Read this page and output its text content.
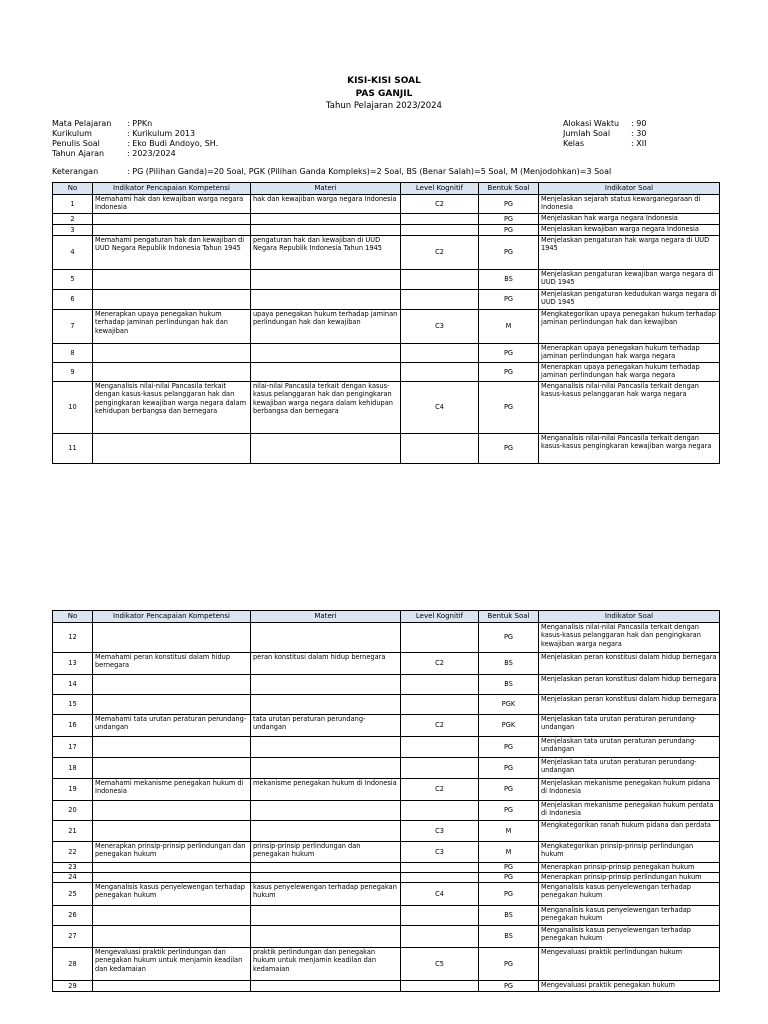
KISI-KISI SOAL
PAS GANJIL
Tahun Pelajaran 2023/2024
Mata Pelajaran	: PPKn
Kurikulum	: Kurikulum 2013
Penulis Soal	: Eko Budi Andoyo, SH.
Tahun Ajaran	: 2023/2024
Alokasi Waktu	: 90
Jumlah Soal	: 30
Kelas	: XII
Keterangan	: PG (Pilihan Ganda)=20 Soal, PGK (Pilihan Ganda Kompleks)=2 Soal, BS (Benar Salah)=5 Soal, M (Menjodohkan)=3 Soal
No	Indikator Pencapaian Kompetensi	Materi	Level Kognitif	Bentuk Soal	Indikator Soal
1	Memahami hak dan kewajiban warga negara Indonesia	hak dan kewajiban warga negara Indonesia	C2	PG	Menjelaskan sejarah status kewarganegaraan di Indonesia
2				PG	Menjelaskan hak warga negara Indonesia
3				PG	Menjelaskan kewajiban warga negara Indonesia
4	Memahami pengaturan hak dan kewajiban di UUD Negara Republik Indonesia Tahun 1945	pengaturan hak dan kewajiban di UUD Negara Republik Indonesia Tahun 1945	C2	PG	Menjelaskan pengaturan hak warga negara di UUD 1945
5				BS	Menjelaskan pengaturan kewajiban warga negara di UUD 1945
6				PG	Menjelaskan pengaturan kedudukan warga negara di UUD 1945
7	Menerapkan upaya penegakan hukum terhadap jaminan perlindungan hak dan kewajiban	upaya penegakan hukum terhadap jaminan perlindungan hak dan kewajiban	C3	M	Mengkategorikan upaya penegakan hukum terhadap jaminan perlindungan hak dan kewajiban
8				PG	Menerapkan upaya penegakan hukum terhadap jaminan perlindungan hak warga negara
9				PG	Menerapkan upaya penegakan hukum terhadap jaminan perlindungan hak warga negara
10	Menganalisis nilai-nilai Pancasila terkait dengan kasus-kasus pelanggaran hak dan pengingkaran kewajiban warga negara dalam kehidupan berbangsa dan bernegara	nilai-nilai Pancasila terkait dengan kasus-kasus pelanggaran hak dan pengingkaran kewajiban warga negara dalam kehidupan berbangsa dan bernegara	C4	PG	Menganalisis nilai-nilai Pancasila terkait dengan kasus-kasus pelanggaran hak warga negara
11				PG	Menganalisis nilai-nilai Pancasila terkait dengan kasus-kasus pengingkaran kewajiban warga negara
No	Indikator Pencapaian Kompetensi	Materi	Level Kognitif	Bentuk Soal	Indikator Soal
12				PG	Menganalisis nilai-nilai Pancasila terkait dengan kasus-kasus pelanggaran hak dan pengingkaran kewajiban warga negara
13	Memahami peran konstitusi dalam hidup bernegara	peran konstitusi dalam hidup bernegara	C2	BS	Menjelaskan peran konstitusi dalam hidup bernegara
14				BS	Menjelaskan peran konstitusi dalam hidup bernegara
15				PGK	Menjelaskan peran konstitusi dalam hidup bernegara
16	Memahami tata urutan peraturan perundang-undangan	tata urutan peraturan perundang-undangan	C2	PGK	Menjelaskan tata urutan peraturan perundang-undangan
17				PG	Menjelaskan tata urutan peraturan perundang-undangan
18				PG	Menjelaskan tata urutan peraturan perundang-undangan
19	Memahami mekanisme penegakan hukum di Indonesia	mekanisme penegakan hukum di Indonesia	C2	PG	Menjelaskan mekanisme penegakan hukum pidana di Indonesia
20				PG	Menjelaskan mekanisme penegakan hukum perdata di Indonesia
21			C3	M	Mengkategorikan ranah hukum pidana dan perdata
22	Menerapkan prinsip-prinsip perlindungan dan penegakan hukum	prinsip-prinsip perlindungan dan penegakan hukum	C3	M	Mengkategorikan prinsip-prinsip perlindungan hukum
23				PG	Menerapkan prinsip-prinsip penegakan hukum
24				PG	Menerapkan prinsip-prinsip perlindungan hukum
25	Menganalisis kasus penyelewengan terhadap penegakan hukum	kasus penyelewengan terhadap penegakan hukum	C4	PG	Menganalisis kasus penyelewengan terhadap penegakan hukum
26				BS	Menganalisis kasus penyelewengan terhadap penegakan hukum
27				BS	Menganalisis kasus penyelewengan terhadap penegakan hukum
28	Mengevaluasi praktik perlindungan dan penegakan hukum untuk menjamin keadilan dan kedamaian	praktik perlindungan dan penegakan hukum untuk menjamin keadilan dan kedamaian	C5	PG	Mengevaluasi praktik perlindungan hukum
29				PG	Mengevaluasi praktik penegakan hukum
